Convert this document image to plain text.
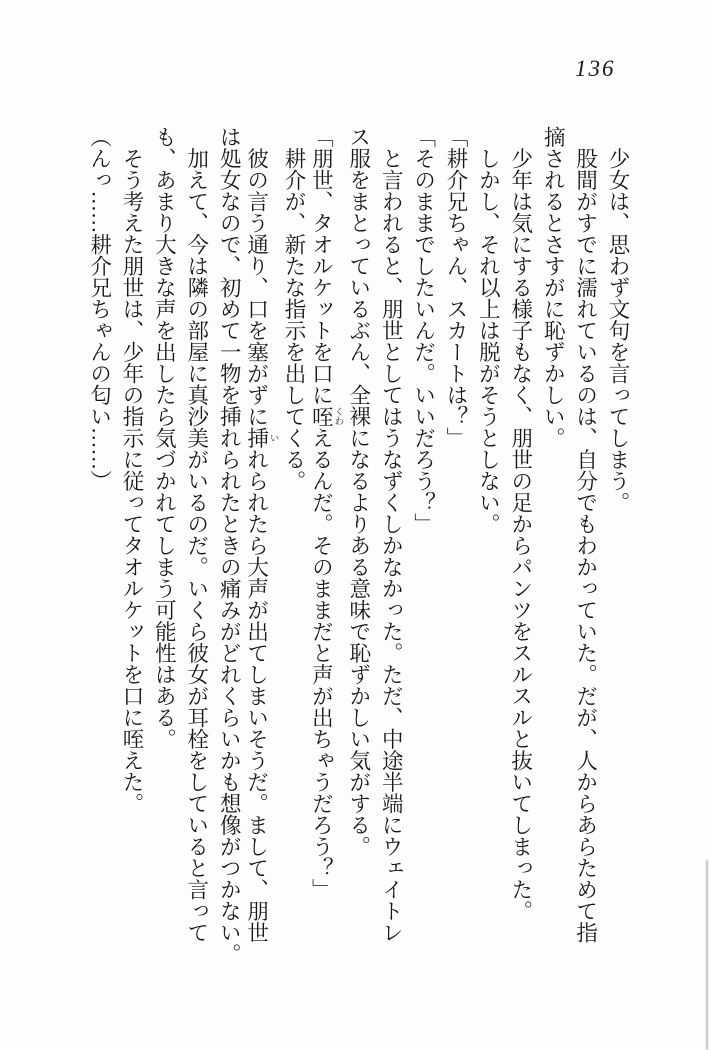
136
　少女は、思わず文句を言ってしまう。
　股間がすでに濡れているのは、自分でもわかっていた。だが、人からあらためて指
摘されるとさすがに恥ずかしい。
　少年は気にする様子もなく、朋世の足からパンツをスルスルと抜いてしまった。
　しかし、それ以上は脱がそうとしない。
「耕介兄ちゃん、スカートは？」
「そのままでしたいんだ。いいだろう？」
　と言われると、朋世としてはうなずくしかなかった。ただ、中途半端にウェイトレ
ス服をまとっているぶん、全裸になるよりある意味で恥ずかしい気がする。
「朋世、タオルケットを口に咥 くわえるんだ。そのままだと声が出ちゃうだろう？」
　耕介が、新たな指示を出してくる。
　彼の言う通り、口を塞がずに挿 いれられたら大声が出てしまいそうだ。まして、朋世
は処女なので、初めて一物を挿れられたときの痛みがどれくらいかも想像がつかない。
　加えて、今は隣の部屋に真沙美がいるのだ。いくら彼女が耳栓をしていると言って
も、あまり大きな声を出したら気づかれてしまう可能性はある。
　そう考えた朋世は、少年の指示に従ってタオルケットを口に咥えた。
（んっ……耕介兄ちゃんの匂い……）
